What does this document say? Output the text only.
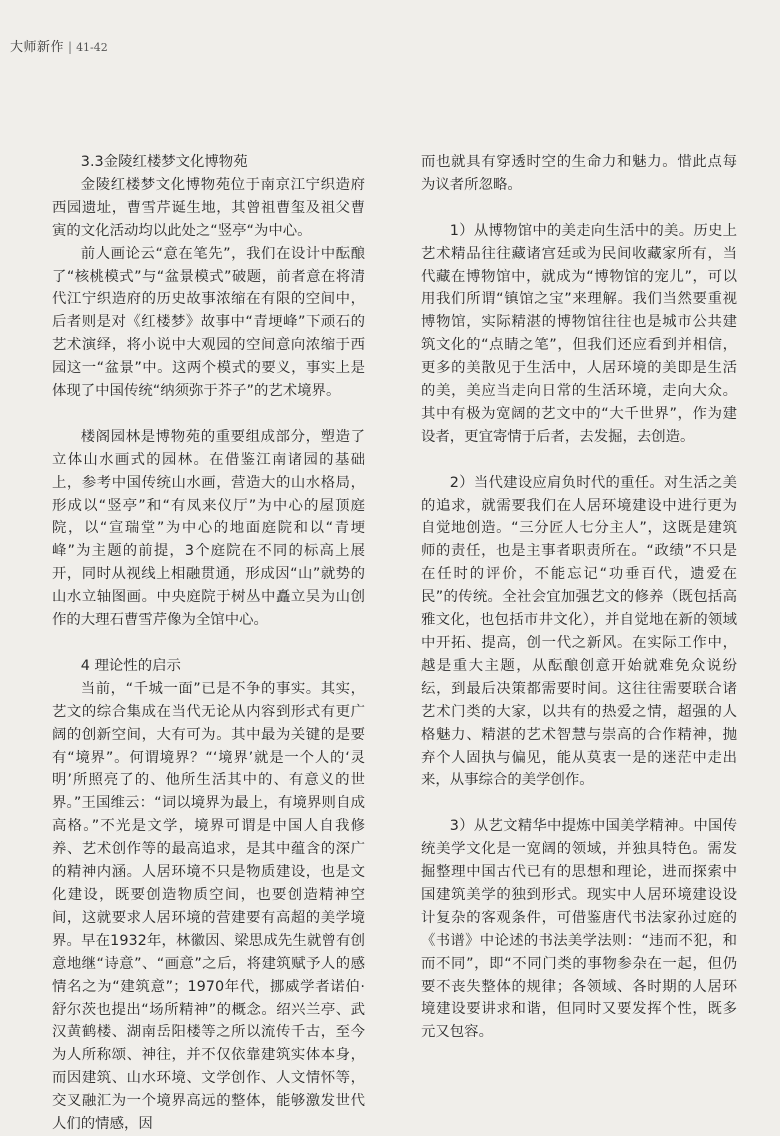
大师新作 | 41-42

3.3金陵红楼梦文化博物苑

金陵红楼梦文化博物苑位于南京江宁织造府西园遗址，曹雪芹诞生地，其曾祖曹玺及祖父曹寅的文化活动均以此处之“竖亭“为中心。

前人画论云“意在笔先”，我们在设计中酝酿了“核桃模式”与“盆景模式”破题，前者意在将清代江宁织造府的历史故事浓缩在有限的空间中，后者则是对《红楼梦》故事中“青埂峰”下顽石的艺术演绎，将小说中大观园的空间意向浓缩于西园这一“盆景”中。这两个模式的要义，事实上是体现了中国传统“纳须弥于芥子”的艺术境界。

楼阁园林是博物苑的重要组成部分，塑造了立体山水画式的园林。在借鉴江南诸园的基础上，参考中国传统山水画，营造大的山水格局，形成以“竖亭”和“有凤来仪厅”为中心的屋顶庭院，以“宣瑞堂”为中心的地面庭院和以“青埂峰”为主题的前提，3个庭院在不同的标高上展开，同时从视线上相融贯通，形成因“山”就势的山水立轴图画。中央庭院于树丛中矗立吴为山创作的大理石曹雪芹像为全馆中心。

4 理论性的启示

当前，“千城一面”已是不争的事实。其实，艺文的综合集成在当代无论从内容到形式有更广阔的创新空间，大有可为。其中最为关键的是要有“境界”。何谓境界？“‘境界’就是一个人的‘灵明’所照亮了的、他所生活其中的、有意义的世界。”王国维云：“词以境界为最上，有境界则自成高格。”不光是文学，境界可谓是中国人自我修养、艺术创作等的最高追求，是其中蕴含的深广的精神内涵。人居环境不只是物质建设，也是文化建设，既要创造物质空间，也要创造精神空间，这就要求人居环境的营建要有高超的美学境界。早在1932年，林徽因、梁思成先生就曾有创意地继“诗意”、“画意”之后，将建筑赋予人的感情名之为“建筑意”；1970年代，挪威学者诺伯·舒尔茨也提出“场所精神”的概念。绍兴兰亭、武汉黄鹤楼、湖南岳阳楼等之所以流传千古，至今为人所称颂、神往，并不仅依靠建筑实体本身，而因建筑、山水环境、文学创作、人文情怀等，交叉融汇为一个境界高远的整体，能够激发世代人们的情感，因

而也就具有穿透时空的生命力和魅力。惜此点每为议者所忽略。

1）从博物馆中的美走向生活中的美。历史上艺术精品往往藏诸宫廷或为民间收藏家所有，当代藏在博物馆中，就成为“博物馆的宠儿”，可以用我们所谓“镇馆之宝”来理解。我们当然要重视博物馆，实际精湛的博物馆往往也是城市公共建筑文化的“点睛之笔”，但我们还应看到并相信，更多的美散见于生活中，人居环境的美即是生活的美，美应当走向日常的生活环境，走向大众。其中有极为宽阔的艺文中的“大千世界”，作为建设者，更宜寄情于后者，去发掘，去创造。

2）当代建设应肩负时代的重任。对生活之美的追求，就需要我们在人居环境建设中进行更为自觉地创造。“三分匠人七分主人”，这既是建筑师的责任，也是主事者职责所在。“政绩”不只是在任时的评价，不能忘记“功垂百代，遗爱在民”的传统。全社会宜加强艺文的修养（既包括高雅文化，也包括市井文化），并自觉地在新的领域中开拓、提高，创一代之新风。在实际工作中，越是重大主题，从酝酿创意开始就难免众说纷纭，到最后决策都需要时间。这往往需要联合诸艺术门类的大家，以共有的热爱之情，超强的人格魅力、精湛的艺术智慧与崇高的合作精神，抛弃个人固执与偏见，能从莫衷一是的迷茫中走出来，从事综合的美学创作。

3）从艺文精华中提炼中国美学精神。中国传统美学文化是一宽阔的领域，并独具特色。需发掘整理中国古代已有的思想和理论，进而探索中国建筑美学的独到形式。现实中人居环境建设设计复杂的客观条件，可借鉴唐代书法家孙过庭的《书谱》中论述的书法美学法则：“违而不犯，和而不同”，即“不同门类的事物参杂在一起，但仍要不丧失整体的规律；各领域、各时期的人居环境建设要讲求和谐，但同时又要发挥个性，既多元又包容。
